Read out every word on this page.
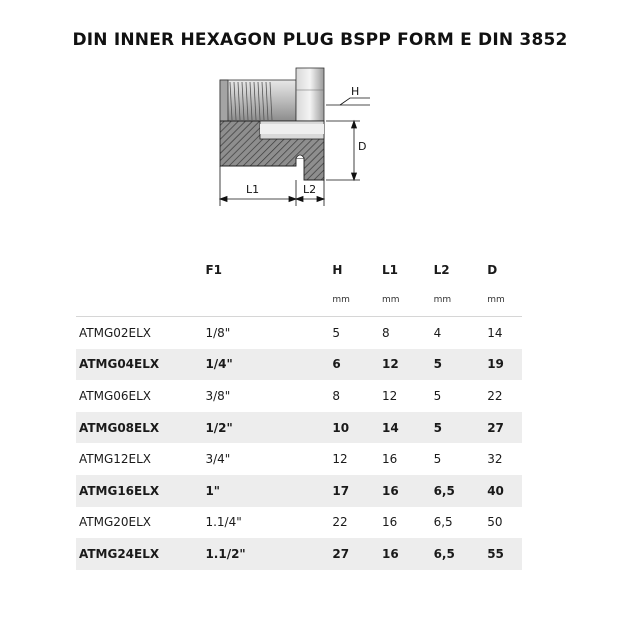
DIN INNER HEXAGON PLUG BSPP FORM E DIN 3852
H
D
L1	L2
	F1	H	L1	L2	D
		mm	mm	mm	mm
ATMG02ELX	1/8"	5	8	4	14
ATMG04ELX	1/4"	6	12	5	19
ATMG06ELX	3/8"	8	12	5	22
ATMG08ELX	1/2"	10	14	5	27
ATMG12ELX	3/4"	12	16	5	32
ATMG16ELX	1"	17	16	6,5	40
ATMG20ELX	1.1/4"	22	16	6,5	50
ATMG24ELX	1.1/2"	27	16	6,5	55
